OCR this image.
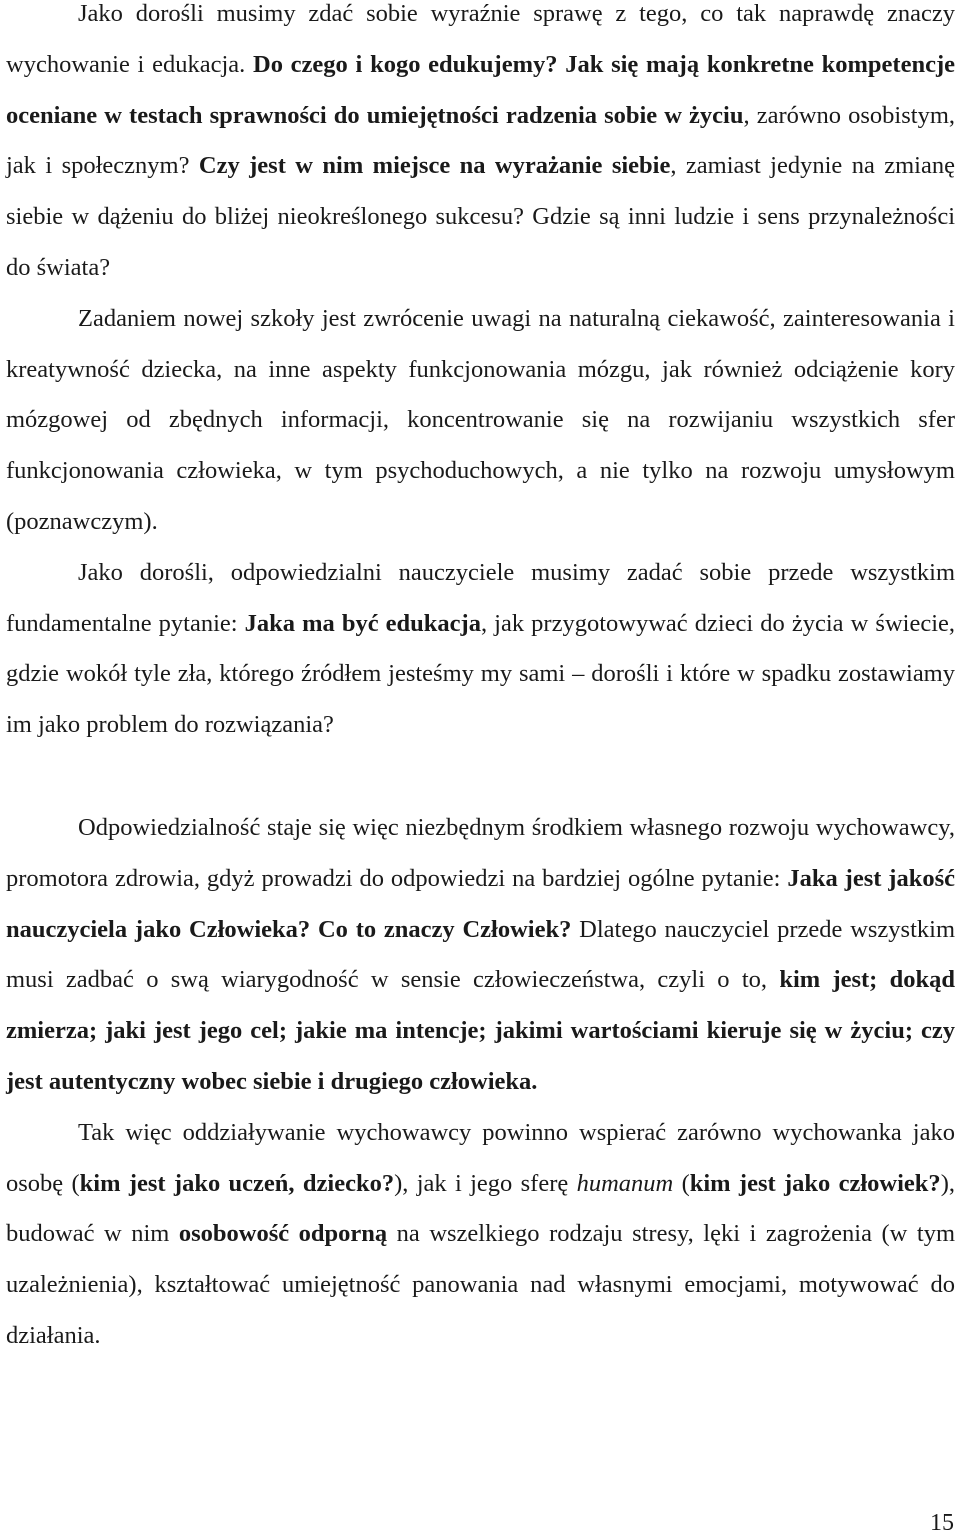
Jako dorośli musimy zdać sobie wyraźnie sprawę z tego, co tak naprawdę znaczy wychowanie i edukacja. Do czego i kogo edukujemy? Jak się mają konkretne kompetencje oceniane w testach sprawności do umiejętności radzenia sobie w życiu, zarówno osobistym, jak i społecznym? Czy jest w nim miejsce na wyrażanie siebie, zamiast jedynie na zmianę siebie w dążeniu do bliżej nieokreślonego sukcesu? Gdzie są inni ludzie i sens przynależności do świata?

Zadaniem nowej szkoły jest zwrócenie uwagi na naturalną ciekawość, zainteresowania i kreatywność dziecka, na inne aspekty funkcjonowania mózgu, jak również odciążenie kory mózgowej od zbędnych informacji, koncentrowanie się na rozwijaniu wszystkich sfer funkcjonowania człowieka, w tym psychoduchowych, a nie tylko na rozwoju umysłowym (poznawczym).

Jako dorośli, odpowiedzialni nauczyciele musimy zadać sobie przede wszystkim fundamentalne pytanie: Jaka ma być edukacja, jak przygotowywać dzieci do życia w świecie, gdzie wokół tyle zła, którego źródłem jesteśmy my sami – dorośli i które w spadku zostawiamy im jako problem do rozwiązania?

Odpowiedzialność staje się więc niezbędnym środkiem własnego rozwoju wychowawcy, promotora zdrowia, gdyż prowadzi do odpowiedzi na bardziej ogólne pytanie: Jaka jest jakość nauczyciela jako Człowieka? Co to znaczy Człowiek? Dlatego nauczyciel przede wszystkim musi zadbać o swą wiarygodność w sensie człowieczeństwa, czyli o to, kim jest; dokąd zmierza; jaki jest jego cel; jakie ma intencje; jakimi wartościami kieruje się w życiu; czy jest autentyczny wobec siebie i drugiego człowieka.

Tak więc oddziaływanie wychowawcy powinno wspierać zarówno wychowanka jako osobę (kim jest jako uczeń, dziecko?), jak i jego sferę humanum (kim jest jako człowiek?), budować w nim osobowość odporną na wszelkiego rodzaju stresy, lęki i zagrożenia (w tym uzależnienia), kształtować umiejętność panowania nad własnymi emocjami, motywować do działania.

15
